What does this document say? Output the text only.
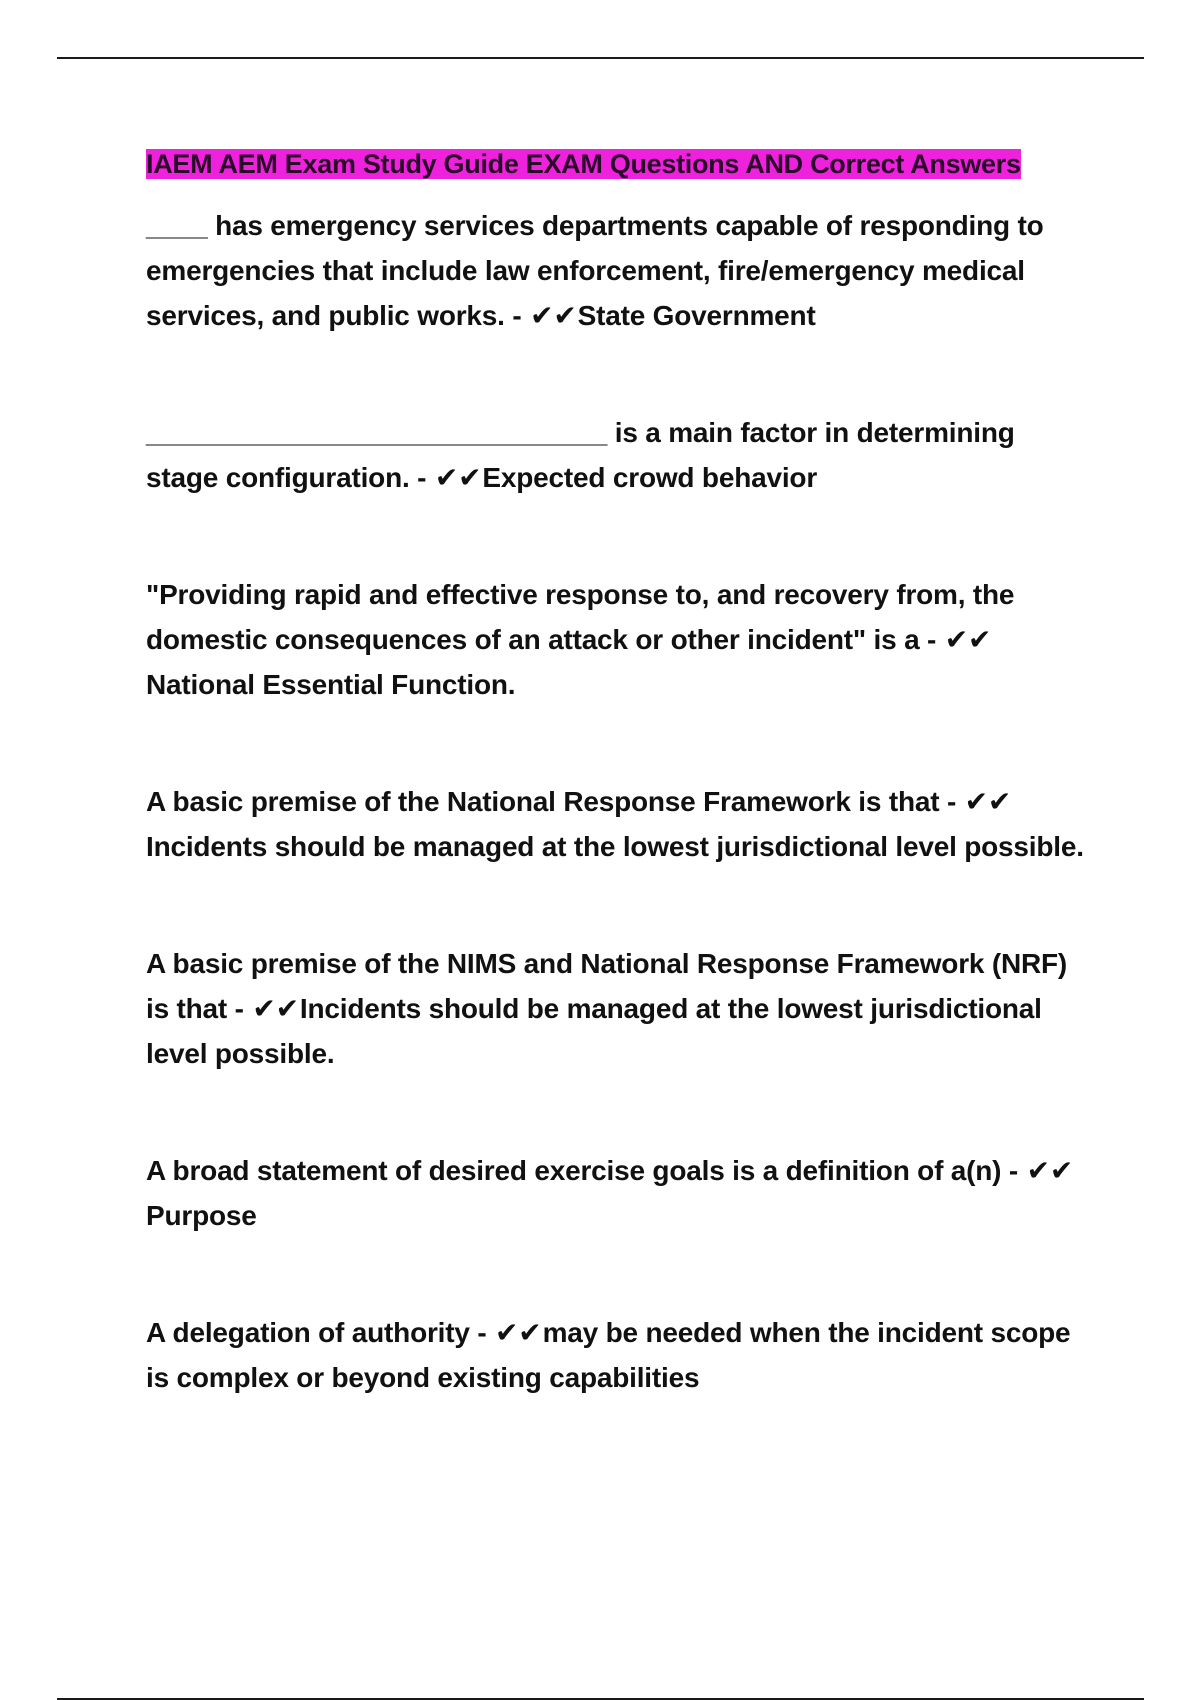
IAEM AEM Exam Study Guide EXAM Questions AND Correct Answers

____ has emergency services departments capable of responding to emergencies that include law enforcement, fire/emergency medical services, and public works. - ✔✔State Government

______________________________ is a main factor in determining stage configuration. - ✔✔Expected crowd behavior

"Providing rapid and effective response to, and recovery from, the domestic consequences of an attack or other incident" is a - ✔✔National Essential Function.

A basic premise of the National Response Framework is that - ✔✔Incidents should be managed at the lowest jurisdictional level possible.

A basic premise of the NIMS and National Response Framework (NRF) is that - ✔✔Incidents should be managed at the lowest jurisdictional level possible.

A broad statement of desired exercise goals is a definition of a(n) - ✔✔Purpose

A delegation of authority - ✔✔may be needed when the incident scope is complex or beyond existing capabilities
